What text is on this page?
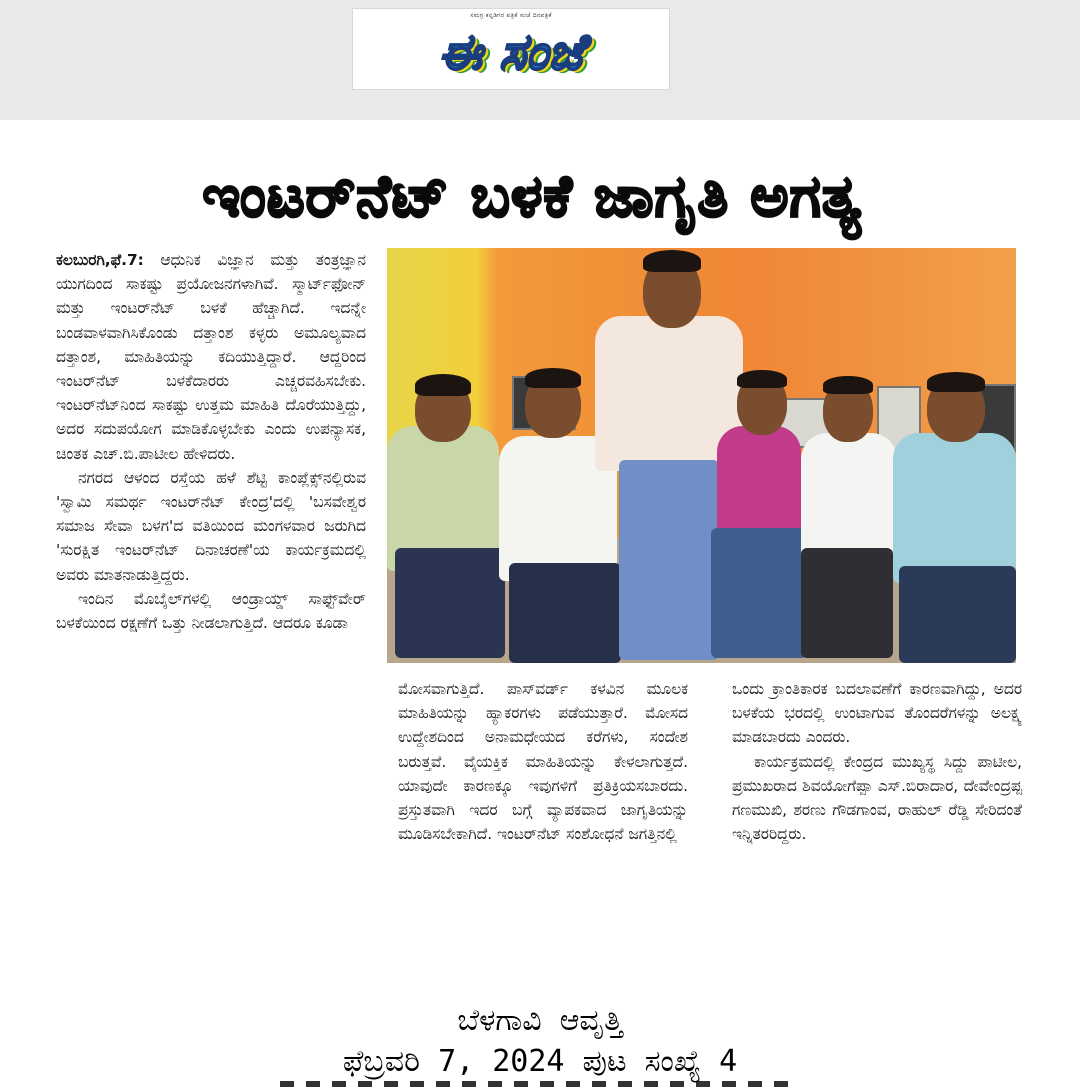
ಸಮಗ್ರ ಕನ್ನಡಿಗರ ಪತ್ರಿಕೆ ಸಂಜೆ ದಿನಪತ್ರಿಕೆ
ಈ ಸಂಜೆ
ಇಂಟರ್‌ನೆಟ್ ಬಳಕೆ ಜಾಗೃತಿ ಅಗತ್ಯ

ಕಲಬುರಗಿ,ಫೆ.7: ಆಧುನಿಕ ವಿಜ್ಞಾನ ಮತ್ತು ತಂತ್ರಜ್ಞಾನ ಯುಗದಿಂದ ಸಾಕಷ್ಟು ಪ್ರಯೋಜನಗಳಾಗಿವೆ. ಸ್ಮಾರ್ಟ್‌ಫೋನ್ ಮತ್ತು ಇಂಟರ್‌ನೆಟ್ ಬಳಕೆ ಹೆಚ್ಚಾಗಿದೆ. ಇದನ್ನೇ ಬಂಡವಾಳವಾಗಿಸಿಕೊಂಡು ದತ್ತಾಂಶ ಕಳ್ಳರು ಅಮೂಲ್ಯವಾದ ದತ್ತಾಂಶ, ಮಾಹಿತಿಯನ್ನು ಕದಿಯುತ್ತಿದ್ದಾರೆ. ಆದ್ದರಿಂದ ಇಂಟರ್‌ನೆಟ್ ಬಳಕೆದಾರರು ಎಚ್ಚರವಹಿಸಬೇಕು. ಇಂಟರ್‌ನೆಟ್‌ನಿಂದ ಸಾಕಷ್ಟು ಉತ್ತಮ ಮಾಹಿತಿ ದೊರೆಯುತ್ತಿದ್ದು, ಅದರ ಸದುಪಯೋಗ ಮಾಡಿಕೊಳ್ಳಬೇಕು ಎಂದು ಉಪನ್ಯಾಸಕ, ಚಿಂತಕ ಎಚ್.ಬಿ.ಪಾಟೀಲ ಹೇಳಿದರು.

ನಗರದ ಆಳಂದ ರಸ್ತೆಯ ಹಳೆ ಶೆಟ್ಟಿ ಕಾಂಪ್ಲೆಕ್ಸ್‌ನಲ್ಲಿರುವ 'ಸ್ವಾಮಿ ಸಮರ್ಥ ಇಂಟರ್‌ನೆಟ್ ಕೇಂದ್ರ'ದಲ್ಲಿ 'ಬಸವೇಶ್ವರ ಸಮಾಜ ಸೇವಾ ಬಳಗ'ದ ವತಿಯಿಂದ ಮಂಗಳವಾರ ಜರುಗಿದ 'ಸುರಕ್ಷಿತ ಇಂಟರ್‌ನೆಟ್ ದಿನಾಚರಣೆ'ಯ ಕಾರ್ಯಕ್ರಮದಲ್ಲಿ ಅವರು ಮಾತನಾಡುತ್ತಿದ್ದರು.

ಇಂದಿನ ಮೊಬೈಲ್‌ಗಳಲ್ಲಿ ಆಂಡ್ರಾಯ್ಡ್ ಸಾಫ್ಟ್‌ವೇರ್ ಬಳಕೆಯಿಂದ ರಕ್ಷಣೆಗೆ ಒತ್ತು ನೀಡಲಾಗುತ್ತಿದೆ. ಆದರೂ ಕೂಡಾ

ಮೋಸವಾಗುತ್ತಿದೆ. ಪಾಸ್‌ವರ್ಡ್ ಕಳವಿನ ಮೂಲಕ ಮಾಹಿತಿಯನ್ನು ಹ್ಯಾಕರಗಳು ಪಡೆಯುತ್ತಾರೆ. ಮೋಸದ ಉದ್ದೇಶದಿಂದ ಅನಾಮಧೇಯದ ಕರೆಗಳು, ಸಂದೇಶ ಬರುತ್ತವೆ. ವೈಯಕ್ತಿಕ ಮಾಹಿತಿಯನ್ನು ಕೇಳಲಾಗುತ್ತದೆ. ಯಾವುದೇ ಕಾರಣಕ್ಕೂ ಇವುಗಳಿಗೆ ಪ್ರತಿಕ್ರಿಯಸಬಾರದು. ಪ್ರಸ್ತುತವಾಗಿ ಇದರ ಬಗ್ಗೆ ವ್ಯಾಪಕವಾದ ಜಾಗೃತಿಯನ್ನು ಮೂಡಿಸಬೇಕಾಗಿದೆ. ಇಂಟರ್‌ನೆಟ್ ಸಂಶೋಧನೆ ಜಗತ್ತಿನಲ್ಲಿ

ಒಂದು ಕ್ರಾಂತಿಕಾರಕ ಬದಲಾವಣೆಗೆ ಕಾರಣವಾಗಿದ್ದು, ಅದರ ಬಳಕೆಯ ಭರದಲ್ಲಿ ಉಂಟಾಗುವ ತೊಂದರೆಗಳನ್ನು ಅಲಕ್ಷ್ಯ ಮಾಡಬಾರದು ಎಂದರು.

ಕಾರ್ಯಕ್ರಮದಲ್ಲಿ ಕೇಂದ್ರದ ಮುಖ್ಯಸ್ಥ ಸಿದ್ದು ಪಾಟೀಲ, ಪ್ರಮುಖರಾದ ಶಿವಯೋಗೆಪ್ಪಾ ಎಸ್.ಬಿರಾದಾರ, ದೇವೇಂದ್ರಪ್ಪ ಗಣಮುಖಿ, ಶರಣು ಗೌಡಗಾಂವ, ರಾಹುಲ್ ರೆಡ್ಡಿ ಸೇರಿದಂತೆ ಇನ್ನಿತರರಿದ್ದರು.

ಬೆಳಗಾವಿ ಆವೃತ್ತಿ
ಫೆಬ್ರವರಿ 7, 2024 ಪುಟ ಸಂಖ್ಯೆ 4
